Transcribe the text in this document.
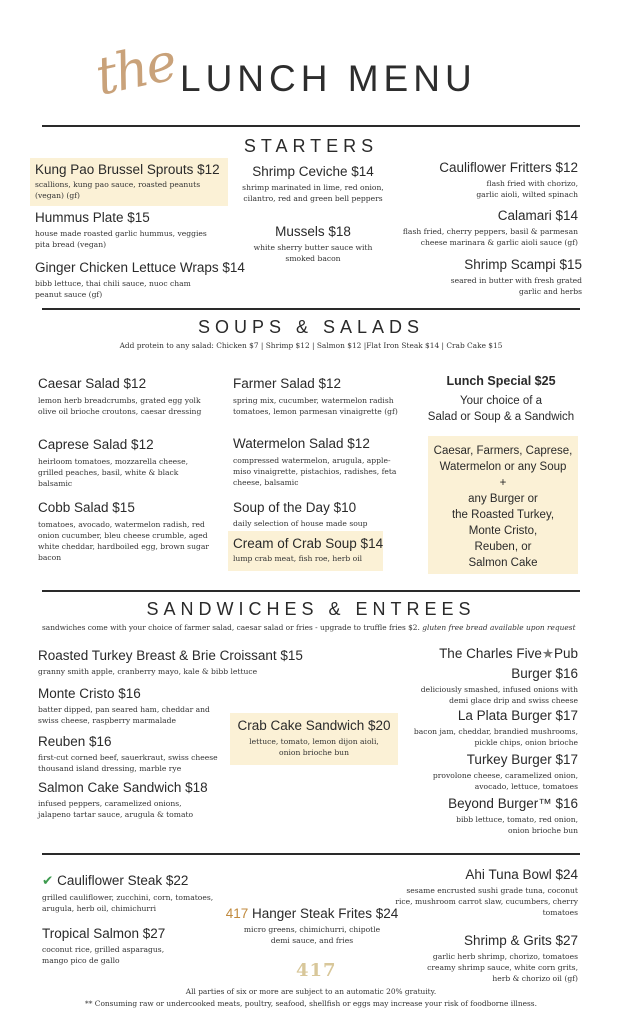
the LUNCH MENU
STARTERS
Kung Pao Brussel Sprouts $12
scallions, kung pao sauce, roasted peanuts (vegan) (gf)
Hummus Plate $15
house made roasted garlic hummus, veggies pita bread (vegan)
Ginger Chicken Lettuce Wraps $14
bibb lettuce, thai chili sauce, nuoc cham peanut sauce (gf)
Shrimp Ceviche $14
shrimp marinated in lime, red onion, cilantro, red and green bell peppers
Mussels $18
white sherry butter sauce with smoked bacon
Cauliflower Fritters $12
flash fried with chorizo, garlic aioli, wilted spinach
Calamari $14
flash fried, cherry peppers, basil & parmesan cheese marinara & garlic aioli sauce (gf)
Shrimp Scampi $15
seared in butter with fresh grated garlic and herbs
SOUPS & SALADS
Add protein to any salad: Chicken $7 | Shrimp $12 | Salmon $12 |Flat Iron Steak $14 | Crab Cake $15
Caesar Salad $12
lemon herb breadcrumbs, grated egg yolk olive oil brioche croutons, caesar dressing
Caprese Salad $12
heirloom tomatoes, mozzarella cheese, grilled peaches, basil, white & black balsamic
Cobb Salad $15
tomatoes, avocado, watermelon radish, red onion cucumber, bleu cheese crumble, aged white cheddar, hardboiled egg, brown sugar bacon
Farmer Salad $12
spring mix, cucumber, watermelon radish tomatoes, lemon parmesan vinaigrette (gf)
Watermelon Salad $12
compressed watermelon, arugula, apple-miso vinaigrette, pistachios, radishes, feta cheese, balsamic
Soup of the Day $10
daily selection of house made soup
Cream of Crab Soup $14
lump crab meat, fish roe, herb oil
Lunch Special $25
Your choice of a
Salad or Soup & a Sandwich
Caesar, Farmers, Caprese,
Watermelon or any Soup
+
any Burger or
the Roasted Turkey,
Monte Cristo,
Reuben, or
Salmon Cake
SANDWICHES & ENTREES
sandwiches come with your choice of farmer salad, caesar salad or fries - upgrade to truffle fries $2. gluten free bread available upon request
Roasted Turkey Breast & Brie Croissant $15
granny smith apple, cranberry mayo, kale & bibb lettuce
Monte Cristo $16
batter dipped, pan seared ham, cheddar and swiss cheese, raspberry marmalade
Reuben $16
first-cut corned beef, sauerkraut, swiss cheese thousand island dressing, marble rye
Salmon Cake Sandwich $18
infused peppers, caramelized onions, jalapeno tartar sauce, arugula & tomato
Crab Cake Sandwich $20
lettuce, tomato, lemon dijon aioli, onion brioche bun
The Charles Five★Pub
Burger $16
deliciously smashed, infused onions with demi glace drip and swiss cheese
La Plata Burger $17
bacon jam, cheddar, brandied mushrooms, pickle chips, onion brioche
Turkey Burger $17
provolone cheese, caramelized onion, avocado, lettuce, tomatoes
Beyond Burger™ $16
bibb lettuce, tomato, red onion, onion brioche bun
✔ Cauliflower Steak $22
grilled cauliflower, zucchini, corn, tomatoes, arugula, herb oil, chimichurri
Tropical Salmon $27
coconut rice, grilled asparagus, mango pico de gallo
417 Hanger Steak Frites $24
micro greens, chimichurri, chipotle demi sauce, and fries
Ahi Tuna Bowl $24
sesame encrusted sushi grade tuna, coconut rice, mushroom carrot slaw, cucumbers, cherry tomatoes
Shrimp & Grits $27
garlic herb shrimp, chorizo, tomatoes creamy shrimp sauce, white corn grits, herb & chorizo oil (gf)
417
All parties of six or more are subject to an automatic 20% gratuity.
** Consuming raw or undercooked meats, poultry, seafood, shellfish or eggs may increase your risk of foodborne illness.
